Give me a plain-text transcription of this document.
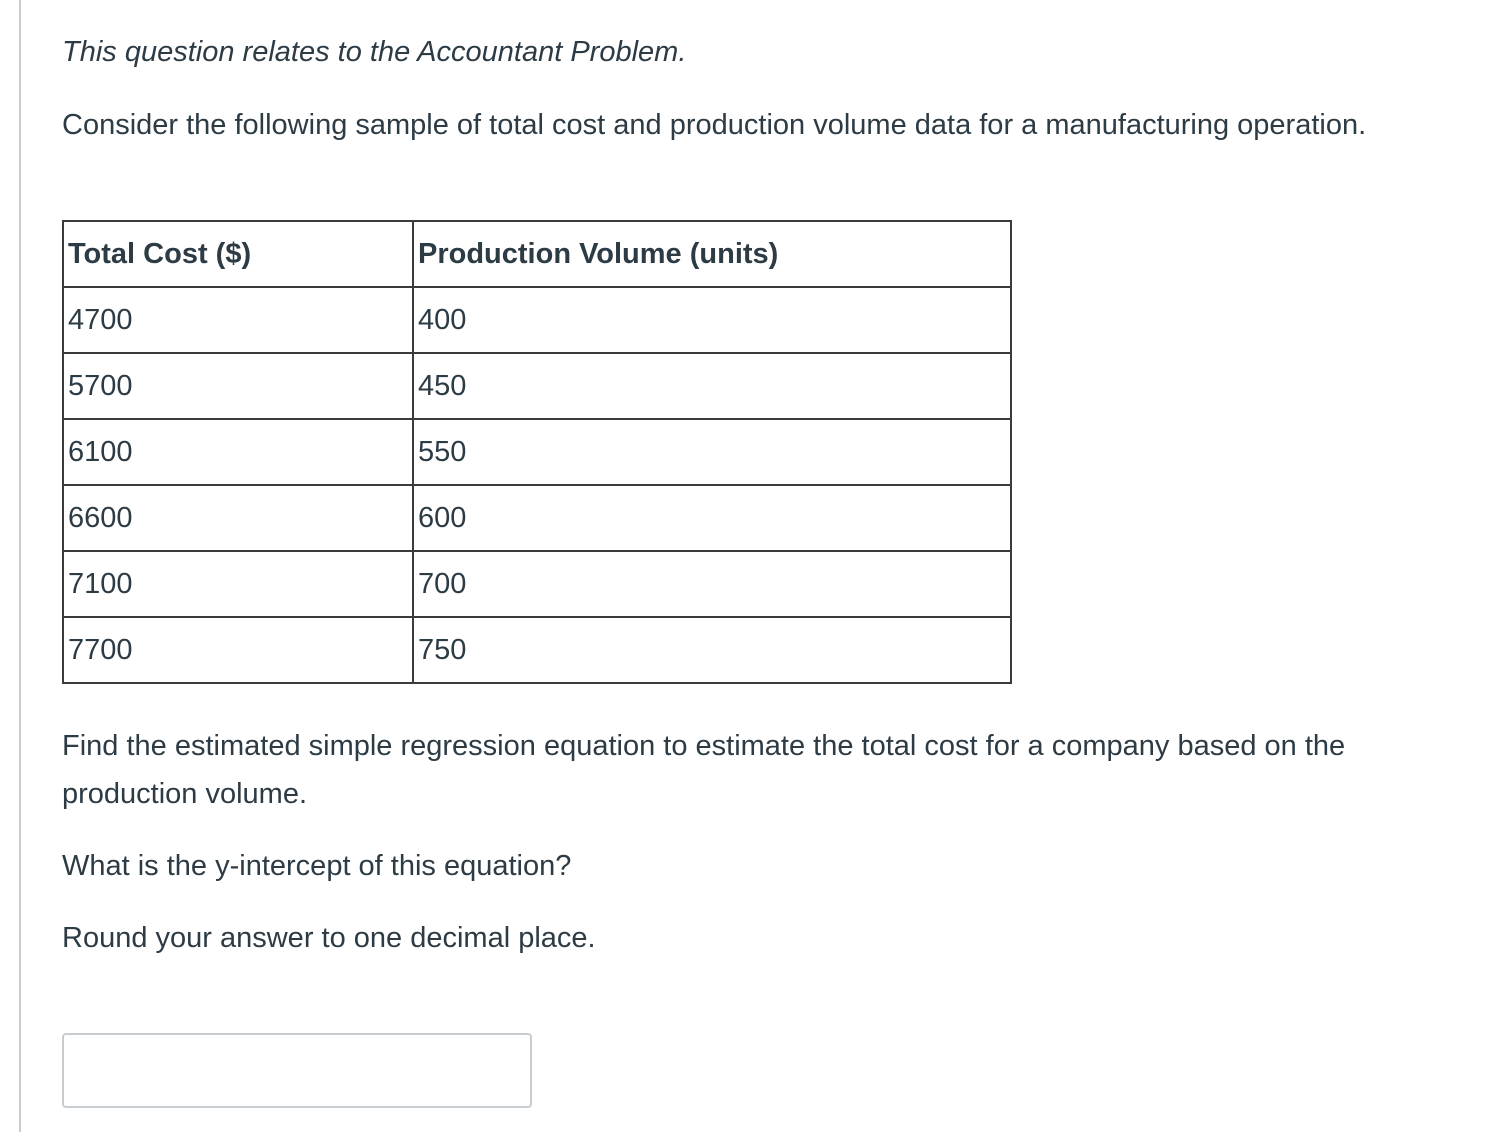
This question relates to the Accountant Problem.

Consider the following sample of total cost and production volume data for a manufacturing operation.

Total Cost ($)	Production Volume (units)
4700	400
5700	450
6100	550
6600	600
7100	700
7700	750

Find the estimated simple regression equation to estimate the total cost for a company based on the production volume.

What is the y-intercept of this equation?

Round your answer to one decimal place.
